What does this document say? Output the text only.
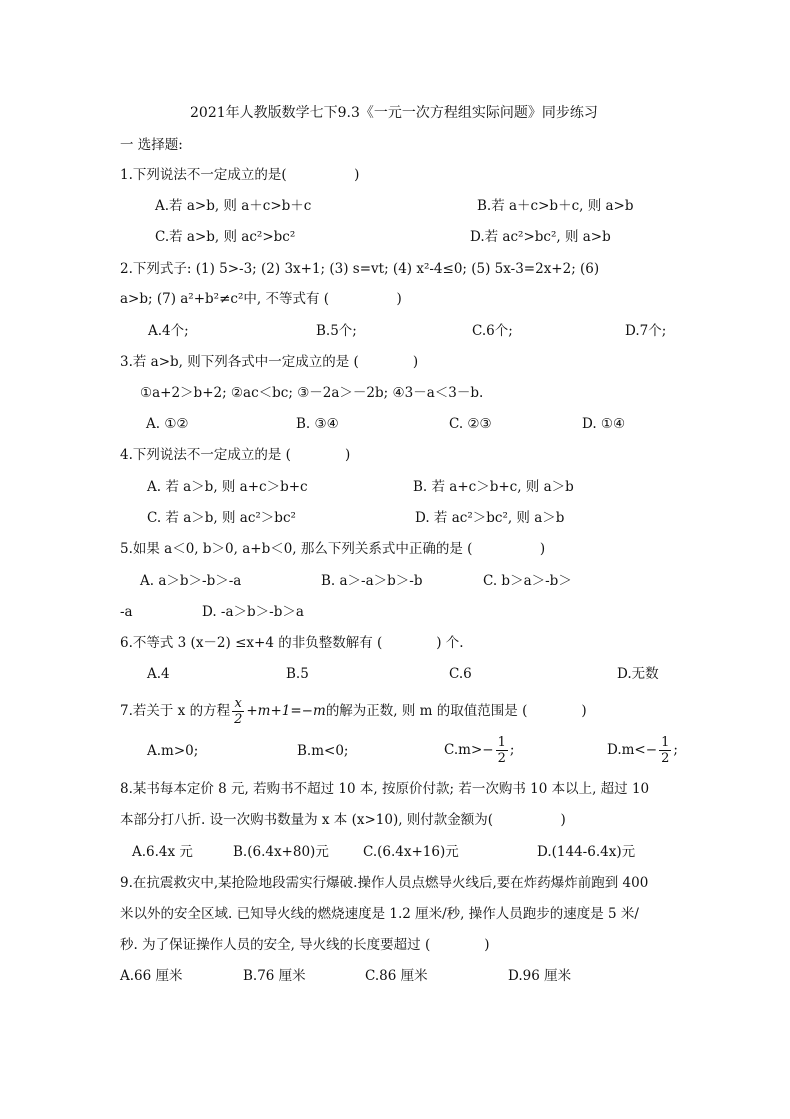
2021年人教版数学七下9.3《一元一次方程组实际问题》同步练习
一 选择题:
1.下列说法不一定成立的是(　　　　　)
A.若 a>b, 则 a＋c>b＋c	B.若 a＋c>b＋c, 则 a>b
C.若 a>b, 则 ac²>bc²	D.若 ac²>bc², 则 a>b
2.下列式子: (1) 5>-3; (2) 3x+1; (3) s=vt; (4) x²-4≤0; (5) 5x-3=2x+2; (6)
a>b; (7) a²+b²≠c²中, 不等式有 (　　　　　)
A.4个;	B.5个;	C.6个;	D.7个;
3.若 a>b, 则下列各式中一定成立的是 (　　　　)
①a+2＞b+2; ②ac＜bc; ③－2a＞－2b; ④3－a＜3－b.
A. ①②	B. ③④	C. ②③	D. ①④
4.下列说法不一定成立的是 (　　　　)
A. 若 a＞b, 则 a+c＞b+c	B. 若 a+c＞b+c, 则 a＞b
C. 若 a＞b, 则 ac²＞bc²	D. 若 ac²＞bc², 则 a＞b
5.如果 a＜0, b＞0, a+b＜0, 那么下列关系式中正确的是 (　　　　　)
A. a＞b＞-b＞-a	B. a＞-a＞b＞-b	C. b＞a＞-b＞
-a	D. -a＞b＞-b＞a
6.不等式 3 (x－2) ≤x+4 的非负整数解有 (　　　　) 个.
A.4	B.5	C.6	D.无数
7.若关于 x 的方程 $\frac{x}{2} +m+1=-m$的解为正数, 则 m 的取值范围是 (　　　　)
A.m>0;	B.m<0;	$C.m>- \frac{1}{2}$ ;	$D.m<- \frac{1}{2}$ ;
8.某书每本定价 8 元, 若购书不超过 10 本, 按原价付款; 若一次购书 10 本以上, 超过 10
本部分打八折. 设一次购书数量为 x 本 (x>10), 则付款金额为(　　　　　)
A.6.4x 元	B.(6.4x+80)元	C.(6.4x+16)元	D.(144-6.4x)元
9.在抗震救灾中,某抢险地段需实行爆破.操作人员点燃导火线后,要在炸药爆炸前跑到 400
米以外的安全区域. 已知导火线的燃烧速度是 1.2 厘米/秒, 操作人员跑步的速度是 5 米/
秒. 为了保证操作人员的安全, 导火线的长度要超过 (　　　　)
A.66 厘米	B.76 厘米	C.86 厘米	D.96 厘米
